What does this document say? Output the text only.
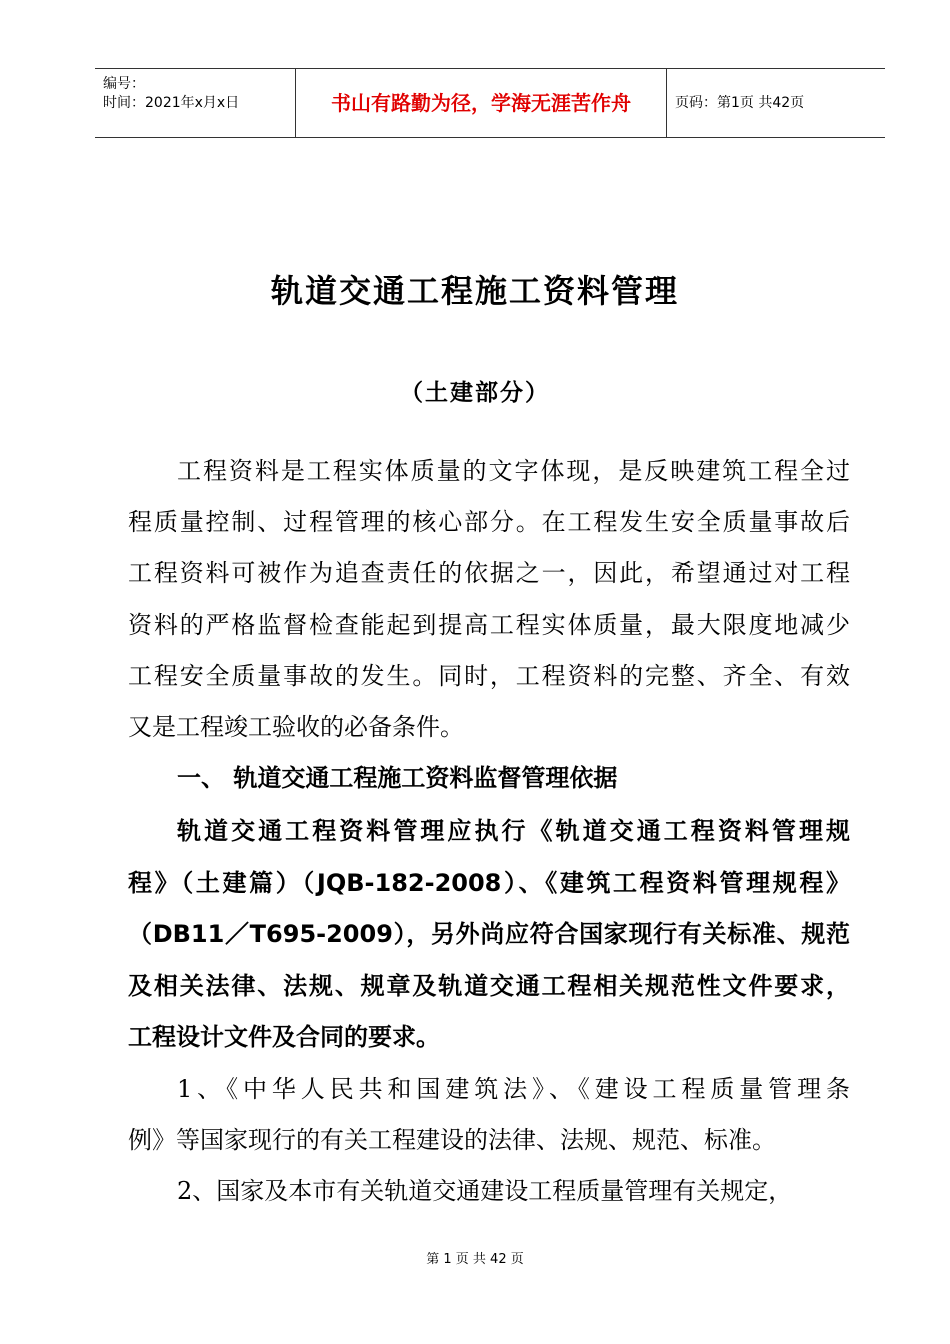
编号：
时间：2021年x月x日	书山有路勤为径，学海无涯苦作舟	页码：第1页 共42页
轨道交通工程施工资料管理
（土建部分）
工程资料是工程实体质量的文字体现，是反映建筑工程全过
程质量控制、过程管理的核心部分。在工程发生安全质量事故后
工程资料可被作为追查责任的依据之一，因此，希望通过对工程
资料的严格监督检查能起到提高工程实体质量，最大限度地减少
工程安全质量事故的发生。同时，工程资料的完整、齐全、有效
又是工程竣工验收的必备条件。
一、 轨道交通工程施工资料监督管理依据
轨道交通工程资料管理应执行《轨道交通工程资料管理规
程》（土建篇）（JQB-182-2008）、《建筑工程资料管理规程》
（DB11／T695-2009），另外尚应符合国家现行有关标准、规范
及相关法律、法规、规章及轨道交通工程相关规范性文件要求，
工程设计文件及合同的要求。
1、《中华人民共和国建筑法》、《建设工程质量管理条
例》等国家现行的有关工程建设的法律、法规、规范、标准。
2、国家及本市有关轨道交通建设工程质量管理有关规定，
第 1 页 共 42 页
